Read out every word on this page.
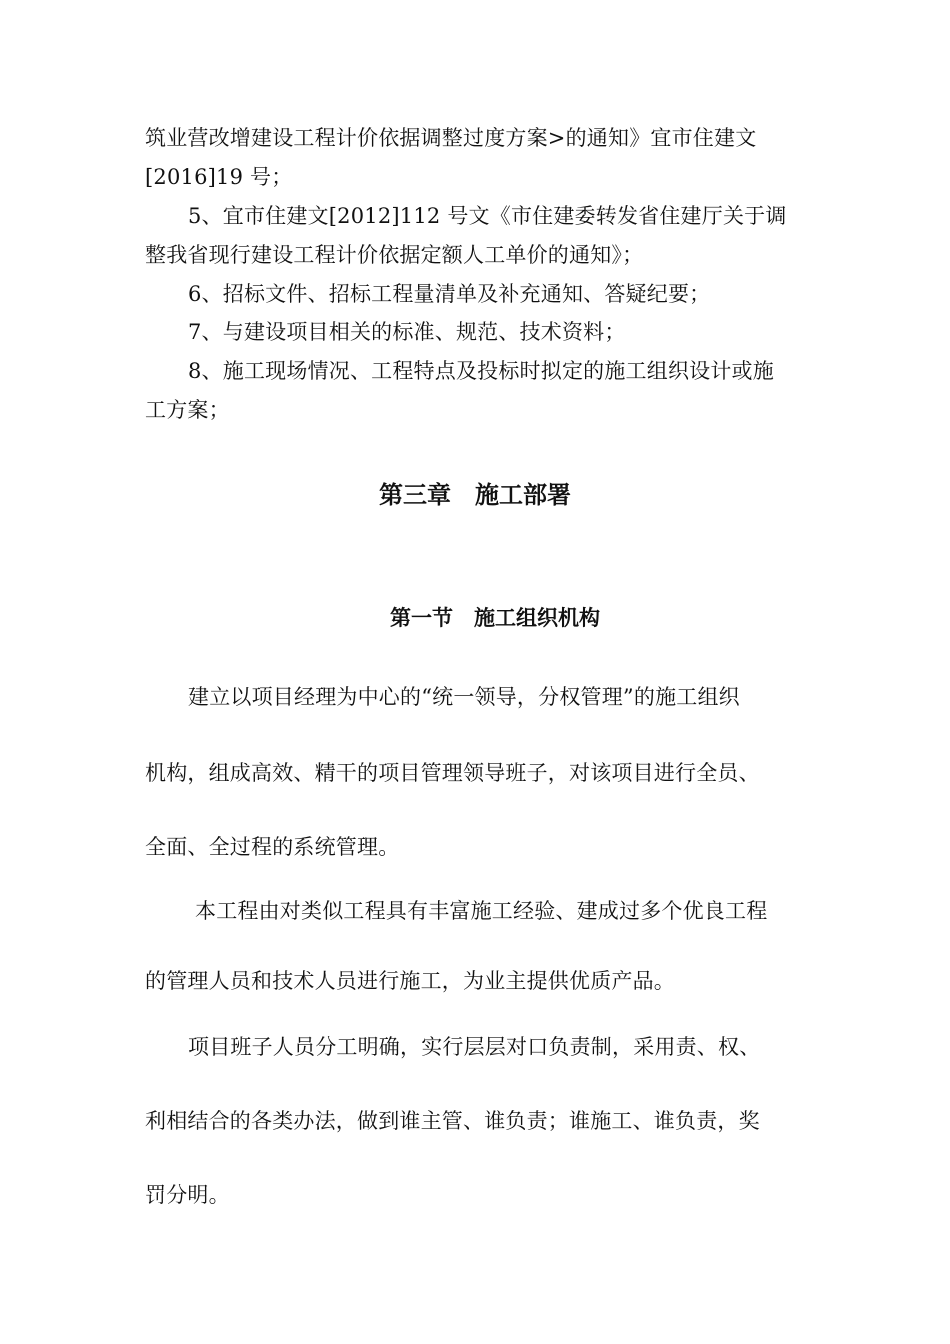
筑业营改增建设工程计价依据调整过度方案>的通知》宜市住建文
[2016]19 号；
5、宜市住建文[2012]112 号文《市住建委转发省住建厅关于调
整我省现行建设工程计价依据定额人工单价的通知》；
6、招标文件、招标工程量清单及补充通知、答疑纪要；
7、与建设项目相关的标准、规范、技术资料；
8、施工现场情况、工程特点及投标时拟定的施工组织设计或施
工方案；
第三章　施工部署
第一节　施工组织机构
建立以项目经理为中心的“统一领导，分权管理”的施工组织
机构，组成高效、精干的项目管理领导班子，对该项目进行全员、
全面、全过程的系统管理。
本工程由对类似工程具有丰富施工经验、建成过多个优良工程
的管理人员和技术人员进行施工，为业主提供优质产品。
项目班子人员分工明确，实行层层对口负责制，采用责、权、
利相结合的各类办法，做到谁主管、谁负责；谁施工、谁负责，奖
罚分明。
